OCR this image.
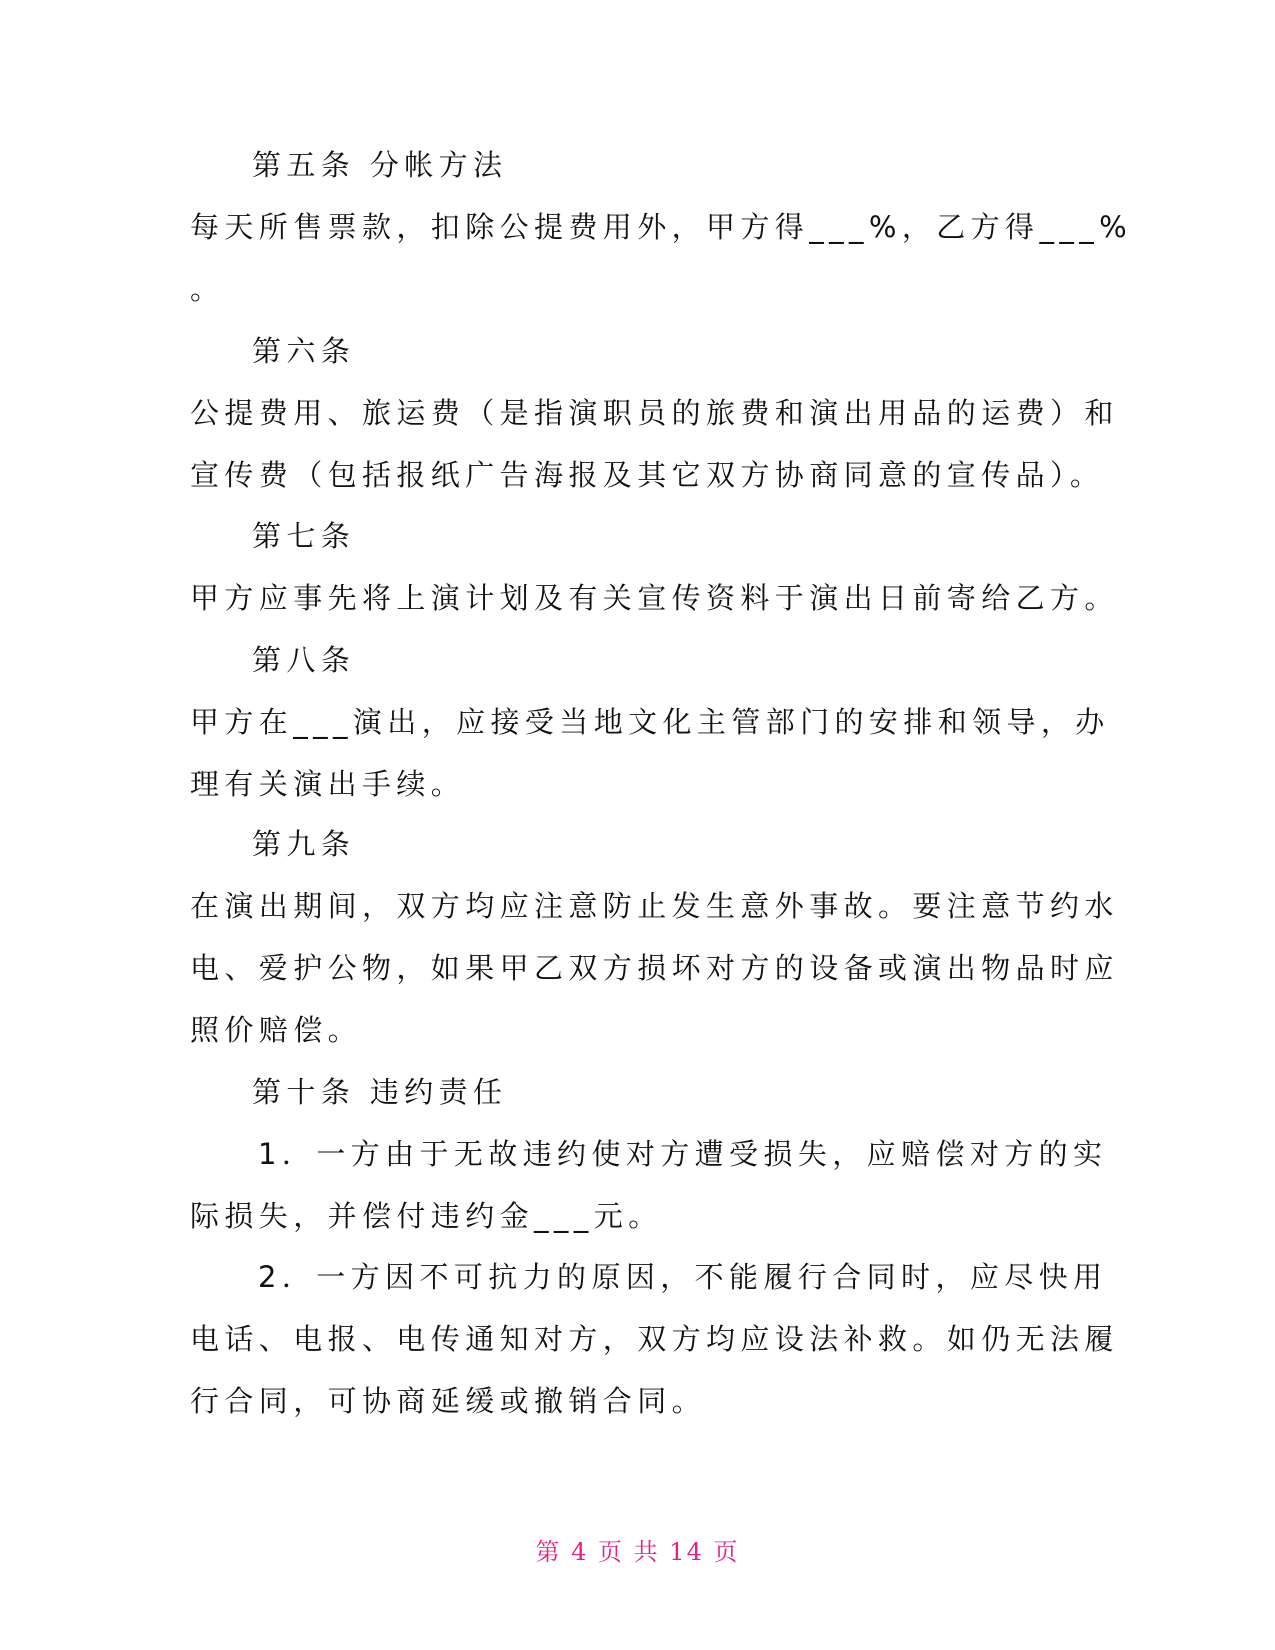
第五条 分帐方法
每天所售票款，扣除公提费用外，甲方得___%，乙方得___%
。
第六条
公提费用、旅运费（是指演职员的旅费和演出用品的运费）和
宣传费（包括报纸广告海报及其它双方协商同意的宣传品）。
第七条
甲方应事先将上演计划及有关宣传资料于演出日前寄给乙方。
第八条
甲方在___演出，应接受当地文化主管部门的安排和领导，办
理有关演出手续。
第九条
在演出期间，双方均应注意防止发生意外事故。要注意节约水
电、爱护公物，如果甲乙双方损坏对方的设备或演出物品时应
照价赔偿。
第十条 违约责任
1．一方由于无故违约使对方遭受损失，应赔偿对方的实
际损失，并偿付违约金___元。
2．一方因不可抗力的原因，不能履行合同时，应尽快用
电话、电报、电传通知对方，双方均应设法补救。如仍无法履
行合同，可协商延缓或撤销合同。
第 4 页 共 14 页
